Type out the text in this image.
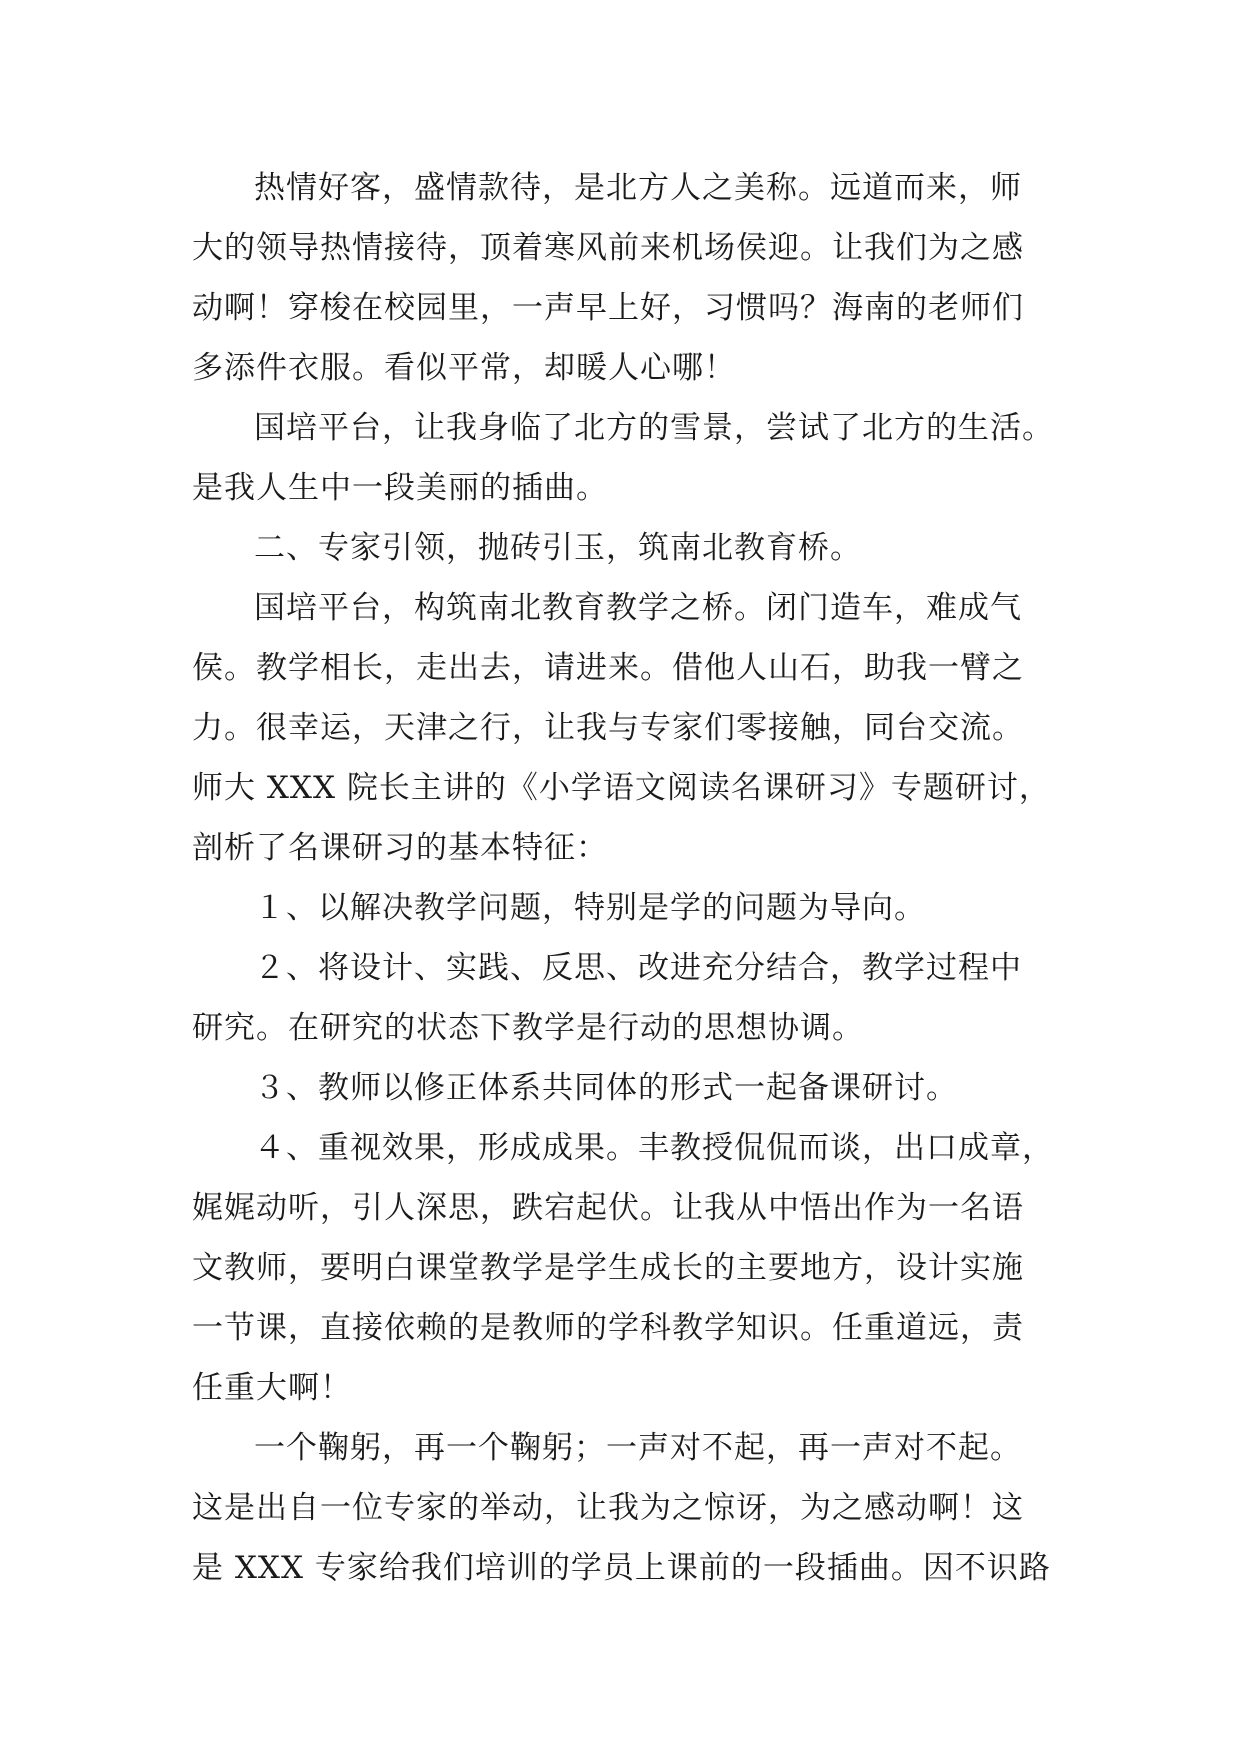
热情好客，盛情款待，是北方人之美称。远道而来，师
大的领导热情接待，顶着寒风前来机场侯迎。让我们为之感
动啊！穿梭在校园里，一声早上好，习惯吗？海南的老师们
多添件衣服。看似平常，却暖人心哪！

国培平台，让我身临了北方的雪景，尝试了北方的生活。
是我人生中一段美丽的插曲。

二、专家引领，抛砖引玉，筑南北教育桥。

国培平台，构筑南北教育教学之桥。闭门造车，难成气
侯。教学相长，走出去，请进来。借他人山石，助我一臂之
力。很幸运，天津之行，让我与专家们零接触，同台交流。
师大 XXX 院长主讲的《小学语文阅读名课研习》专题研讨，
剖析了名课研习的基本特征：

１、以解决教学问题，特别是学的问题为导向。

２、将设计、实践、反思、改进充分结合，教学过程中
研究。在研究的状态下教学是行动的思想协调。

３、教师以修正体系共同体的形式一起备课研讨。

４、重视效果，形成成果。丰教授侃侃而谈，出口成章，
娓娓动听，引人深思，跌宕起伏。让我从中悟出作为一名语
文教师，要明白课堂教学是学生成长的主要地方，设计实施
一节课，直接依赖的是教师的学科教学知识。任重道远，责
任重大啊！

一个鞠躬，再一个鞠躬；一声对不起，再一声对不起。
这是出自一位专家的举动，让我为之惊讶，为之感动啊！这
是 XXX 专家给我们培训的学员上课前的一段插曲。因不识路
